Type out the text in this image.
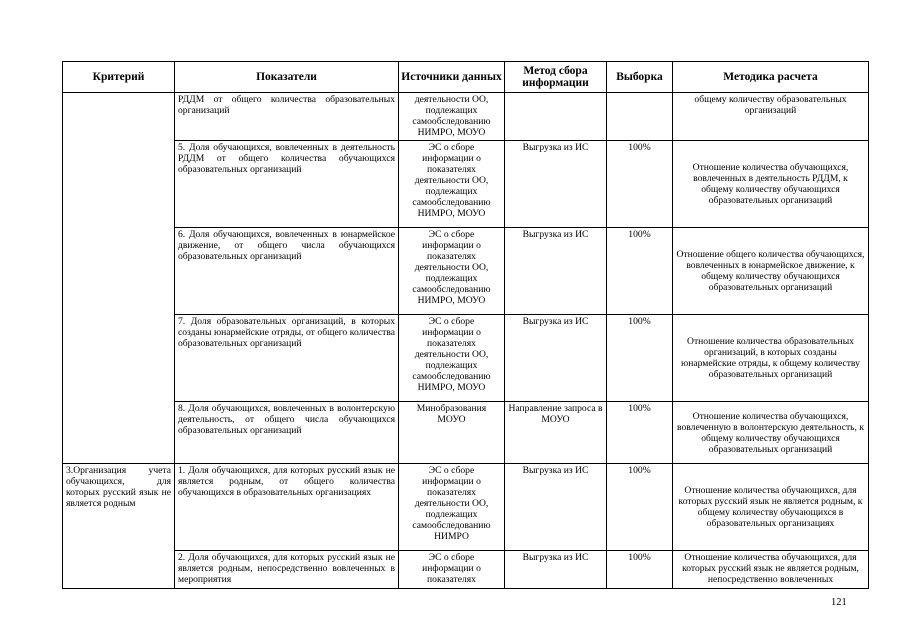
Критерий	Показатели	Источники данных	Метод сбора информации	Выборка	Методика расчета
	РДДМ от общего количества образовательных организаций	деятельности ОО, подлежащих самообследованию НИМРО, МОУО			общему количеству образовательных организаций
	5. Доля обучающихся, вовлеченных в деятельность РДДМ от общего количества обучающихся образовательных организаций	ЭС о сборе информации о показателях деятельности ОО, подлежащих самообследованию НИМРО, МОУО	Выгрузка из ИС	100%	Отношение количества обучающихся, вовлеченных в деятельность РДДМ, к общему количеству обучающихся образовательных организаций
	6. Доля обучающихся, вовлеченных в юнармейское движение, от общего числа обучающихся образовательных организаций	ЭС о сборе информации о показателях деятельности ОО, подлежащих самообследованию НИМРО, МОУО	Выгрузка из ИС	100%	Отношение общего количества обучающихся, вовлеченных в юнармейское движение, к общему количеству обучающихся образовательных организаций
	7. Доля образовательных организаций, в которых созданы юнармейские отряды, от общего количества образовательных организаций	ЭС о сборе информации о показателях деятельности ОО, подлежащих самообследованию НИМРО, МОУО	Выгрузка из ИС	100%	Отношение количества образовательных организаций, в которых созданы юнармейские отряды, к общему количеству образовательных организаций
	8. Доля обучающихся, вовлеченных в волонтерскую деятельность, от общего числа обучающихся образовательных организаций	Минобразования МОУО	Направление запроса в МОУО	100%	Отношение количества обучающихся, вовлеченную в волонтерскую деятельность, к общему количеству обучающихся образовательных организаций
3.Организация учета обучающихся, для которых русский язык не является родным	1. Доля обучающихся, для которых русский язык не является родным, от общего количества обучающихся в образовательных организациях	ЭС о сборе информации о показателях деятельности ОО, подлежащих самообследованию НИМРО	Выгрузка из ИС	100%	Отношение количества обучающихся, для которых русский язык не является родным, к общему количеству обучающихся в образовательных организациях
	2. Доля обучающихся, для которых русский язык не является родным, непосредственно вовлеченных в мероприятия	ЭС о сборе информации о показателях	Выгрузка из ИС	100%	Отношение количества обучающихся, для которых русский язык не является родным, непосредственно вовлеченных
121
